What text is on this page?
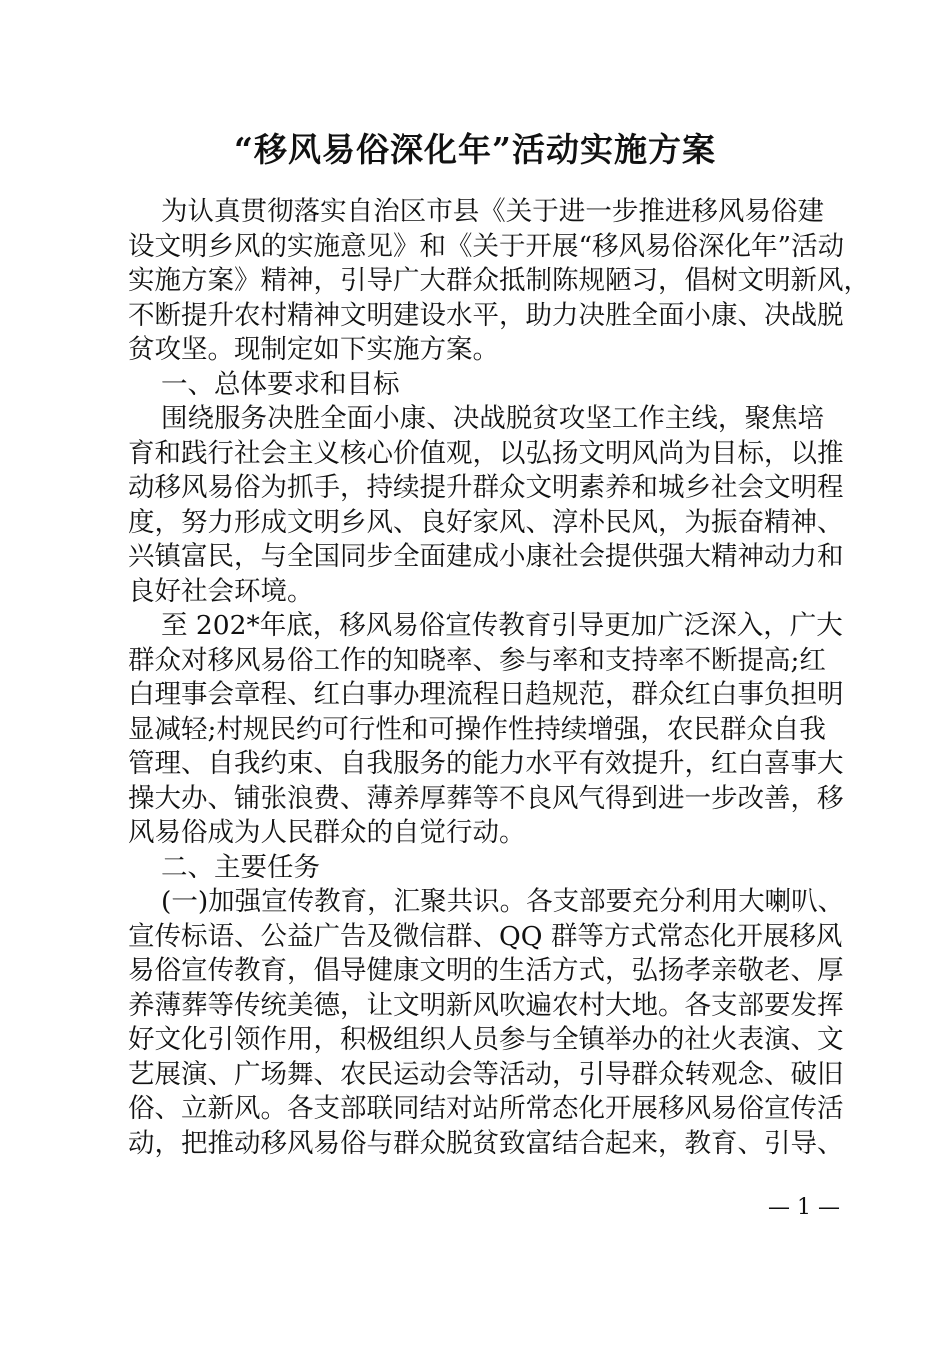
“移风易俗深化年”活动实施方案
为认真贯彻落实自治区市县《关于进一步推进移风易俗建
设文明乡风的实施意见》和《关于开展“移风易俗深化年”活动
实施方案》精神，引导广大群众抵制陈规陋习，倡树文明新风，
不断提升农村精神文明建设水平，助力决胜全面小康、决战脱
贫攻坚。现制定如下实施方案。
一、总体要求和目标
围绕服务决胜全面小康、决战脱贫攻坚工作主线，聚焦培
育和践行社会主义核心价值观，以弘扬文明风尚为目标，以推
动移风易俗为抓手，持续提升群众文明素养和城乡社会文明程
度，努力形成文明乡风、良好家风、淳朴民风，为振奋精神、
兴镇富民，与全国同步全面建成小康社会提供强大精神动力和
良好社会环境。
至 202*年底，移风易俗宣传教育引导更加广泛深入，广大
群众对移风易俗工作的知晓率、参与率和支持率不断提高;红
白理事会章程、红白事办理流程日趋规范，群众红白事负担明
显减轻;村规民约可行性和可操作性持续增强，农民群众自我
管理、自我约束、自我服务的能力水平有效提升，红白喜事大
操大办、铺张浪费、薄养厚葬等不良风气得到进一步改善，移
风易俗成为人民群众的自觉行动。
二、主要任务
(一)加强宣传教育，汇聚共识。各支部要充分利用大喇叭、
宣传标语、公益广告及微信群、QQ 群等方式常态化开展移风
易俗宣传教育，倡导健康文明的生活方式，弘扬孝亲敬老、厚
养薄葬等传统美德，让文明新风吹遍农村大地。各支部要发挥
好文化引领作用，积极组织人员参与全镇举办的社火表演、文
艺展演、广场舞、农民运动会等活动，引导群众转观念、破旧
俗、立新风。各支部联同结对站所常态化开展移风易俗宣传活
动，把推动移风易俗与群众脱贫致富结合起来，教育、引导、
— 1 —
